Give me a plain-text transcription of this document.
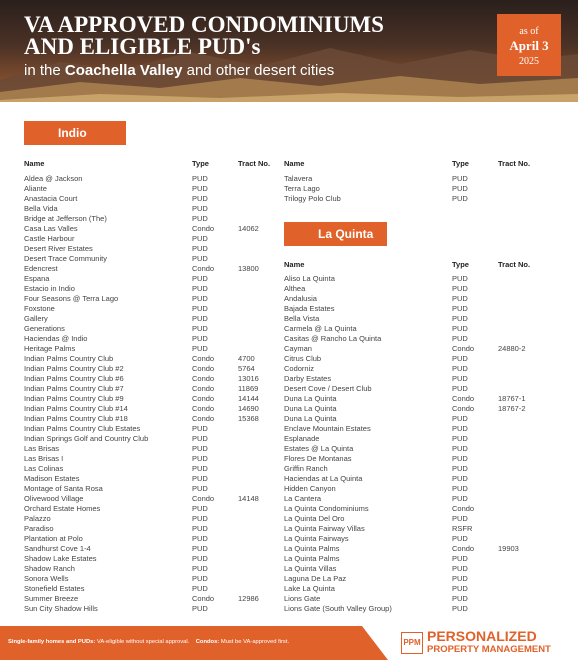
VA APPROVED CONDOMINIUMS
AND ELIGIBLE PUD's
in the Coachella Valley and other desert cities
as of
April 3
2025
Indio
Name	Type	Tract No.
Aldea @ Jackson	PUD
Aliante	PUD
Anastacia Court	PUD
Bella Vida	PUD
Bridge at Jefferson (The)	PUD
Casa Las Valles	Condo	14062
Castle Harbour	PUD
Desert River Estates	PUD
Desert Trace Community	PUD
Edencrest	Condo	13800
Espana	PUD
Estacio in Indio	PUD
Four Seasons @ Terra Lago	PUD
Foxstone	PUD
Gallery	PUD
Generations	PUD
Haciendas @ Indio	PUD
Heritage Palms	PUD
Indian Palms Country Club	Condo	4700
Indian Palms Country Club #2	Condo	5764
Indian Palms Country Club #6	Condo	13016
Indian Palms Country Club #7	Condo	11869
Indian Palms Country Club #9	Condo	14144
Indian Palms Country Club #14	Condo	14690
Indian Palms Country Club #18	Condo	15368
Indian Palms Country Club Estates	PUD
Indian Springs Golf and Country Club	PUD
Las Brisas	PUD
Las Brisas I	PUD
Las Colinas	PUD
Madison Estates	PUD
Montage of Santa Rosa	PUD
Olivewood Village	Condo	14148
Orchard Estate Homes	PUD
Palazzo	PUD
Paradiso	PUD
Plantation at Polo	PUD
Sandhurst Cove 1-4	PUD
Shadow Lake Estates	PUD
Shadow Ranch	PUD
Sonora Wells	PUD
Stonefield Estates	PUD
Summer Breeze	Condo	12986
Sun City Shadow Hills	PUD
Name	Type	Tract No.
Talavera	PUD
Terra Lago	PUD
Trilogy Polo Club	PUD
La Quinta
Name	Type	Tract No.
Aliso La Quinta	PUD
Althea	PUD
Andalusia	PUD
Bajada Estates	PUD
Bella Vista	PUD
Carmela @ La Quinta	PUD
Casitas @ Rancho La Quinta	PUD
Cayman	Condo	24880-2
Citrus Club	PUD
Codorniz	PUD
Darby Estates	PUD
Desert Cove / Desert Club	PUD
Duna La Quinta	Condo	18767-1
Duna La Quinta	Condo	18767-2
Duna La Quinta	PUD
Enclave Mountain Estates	PUD
Esplanade	PUD
Estates @ La Quinta	PUD
Flores De Montanas	PUD
Griffin Ranch	PUD
Haciendas at La Quinta	PUD
Hidden Canyon	PUD
La Cantera	PUD
La Quinta Condominiums	Condo
La Quinta Del Oro	PUD
La Quinta Fairway Villas	RSFR
La Quinta Fairways	PUD
La Quinta Palms	Condo	19903
La Quinta Palms	PUD
La Quinta Villas	PUD
Laguna De La Paz	PUD
Lake La Quinta	PUD
Lions Gate	PUD
Lions Gate (South Valley Group)	PUD
Single-family homes and PUDs: VA-eligible without special approval. Condos: Must be VA-approved first.	PPM PERSONALIZED
PROPERTY MANAGEMENT
